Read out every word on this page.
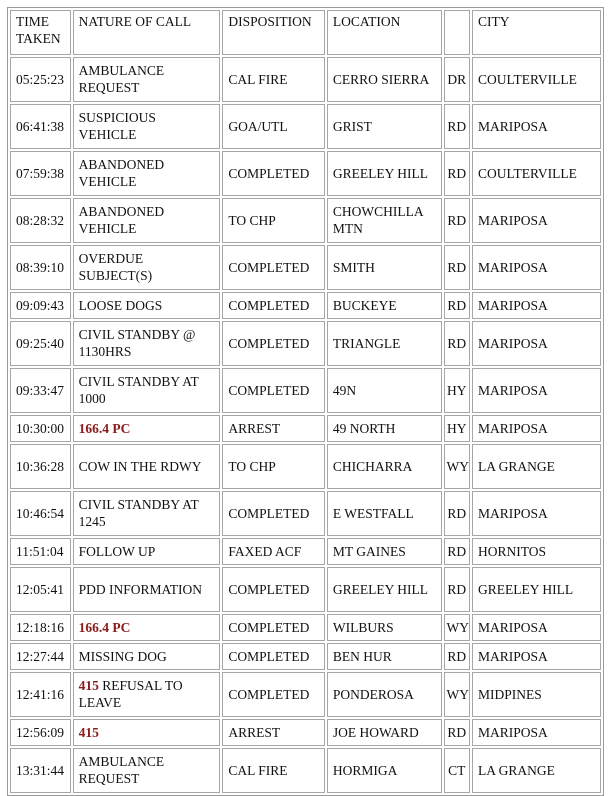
TIME TAKEN	NATURE OF CALL	DISPOSITION	LOCATION		CITY
05:25:23	AMBULANCE REQUEST	CAL FIRE	CERRO SIERRA	DR	COULTERVILLE
06:41:38	SUSPICIOUS VEHICLE	GOA/UTL	GRIST	RD	MARIPOSA
07:59:38	ABANDONED VEHICLE	COMPLETED	GREELEY HILL	RD	COULTERVILLE
08:28:32	ABANDONED VEHICLE	TO CHP	CHOWCHILLA MTN	RD	MARIPOSA
08:39:10	OVERDUE SUBJECT(S)	COMPLETED	SMITH	RD	MARIPOSA
09:09:43	LOOSE DOGS	COMPLETED	BUCKEYE	RD	MARIPOSA
09:25:40	CIVIL STANDBY @ 1130HRS	COMPLETED	TRIANGLE	RD	MARIPOSA
09:33:47	CIVIL STANDBY AT 1000	COMPLETED	49N	HY	MARIPOSA
10:30:00	166.4 PC	ARREST	49 NORTH	HY	MARIPOSA
10:36:28	COW IN THE RDWY	TO CHP	CHICHARRA	WY	LA GRANGE
10:46:54	CIVIL STANDBY AT 1245	COMPLETED	E WESTFALL	RD	MARIPOSA
11:51:04	FOLLOW UP	FAXED ACF	MT GAINES	RD	HORNITOS
12:05:41	PDD INFORMATION	COMPLETED	GREELEY HILL	RD	GREELEY HILL
12:18:16	166.4 PC	COMPLETED	WILBURS	WY	MARIPOSA
12:27:44	MISSING DOG	COMPLETED	BEN HUR	RD	MARIPOSA
12:41:16	415 REFUSAL TO LEAVE	COMPLETED	PONDEROSA	WY	MIDPINES
12:56:09	415	ARREST	JOE HOWARD	RD	MARIPOSA
13:31:44	AMBULANCE REQUEST	CAL FIRE	HORMIGA	CT	LA GRANGE
